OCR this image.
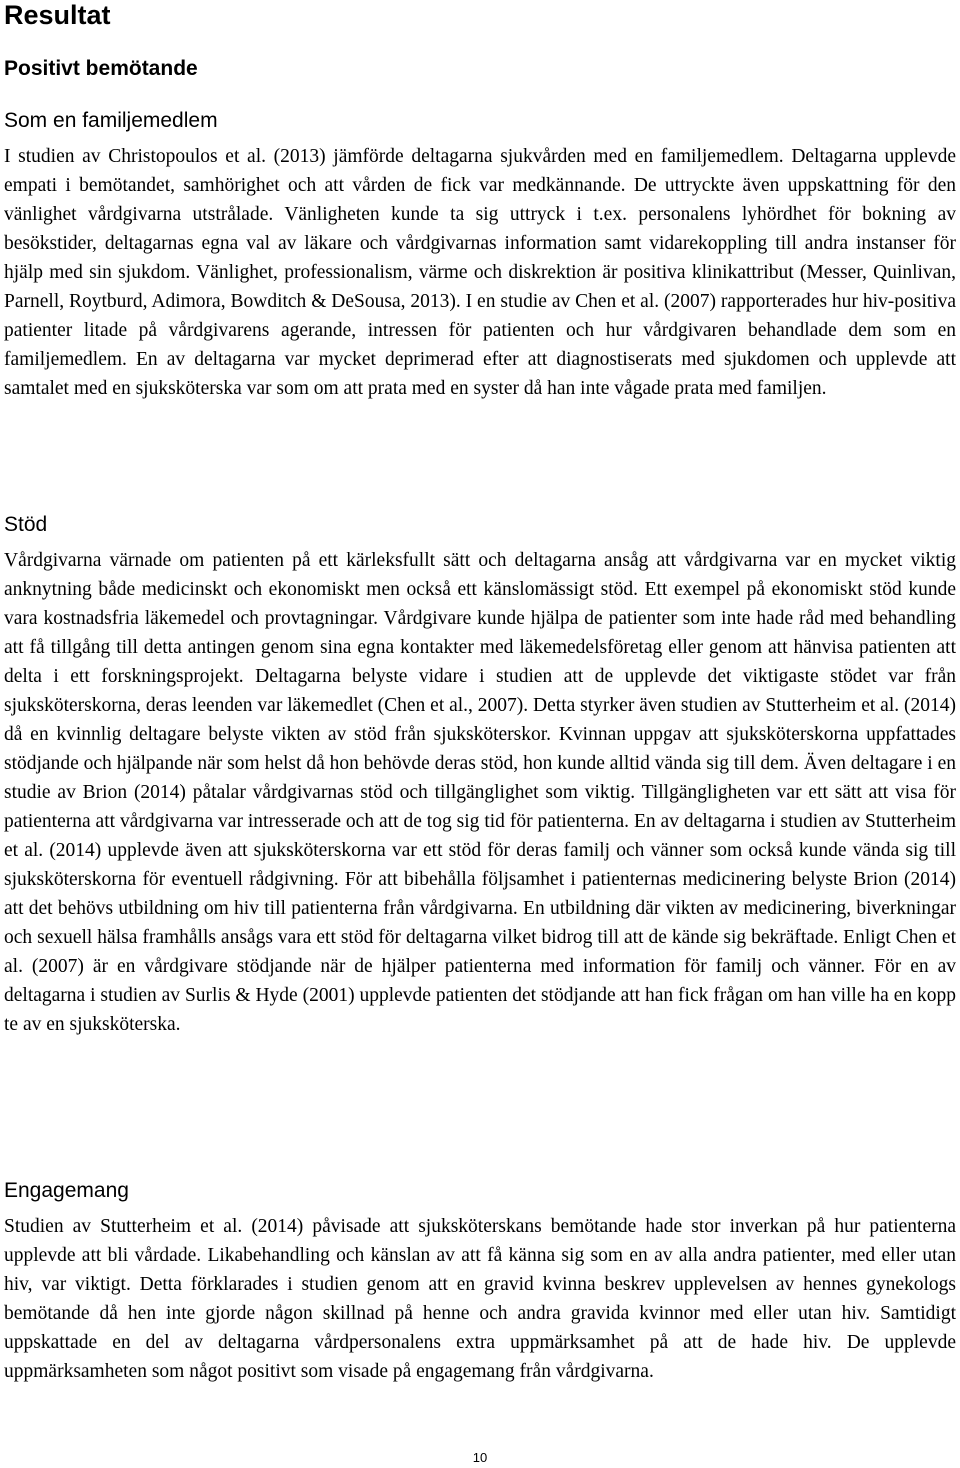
Resultat
Positivt bemötande
Som en familjemedlem

I studien av Christopoulos et al. (2013) jämförde deltagarna sjukvården med en familjemedlem. Deltagarna upplevde empati i bemötandet, samhörighet och att vården de fick var medkännande. De uttryckte även uppskattning för den vänlighet vårdgivarna utstrålade. Vänligheten kunde ta sig uttryck i t.ex. personalens lyhördhet för bokning av besökstider, deltagarnas egna val av läkare och vårdgivarnas information samt vidarekoppling till andra instanser för hjälp med sin sjukdom. Vänlighet, professionalism, värme och diskrektion är positiva klinikattribut (Messer, Quinlivan, Parnell, Roytburd, Adimora, Bowditch & DeSousa, 2013). I en studie av Chen et al. (2007) rapporterades hur hiv-positiva patienter litade på vårdgivarens agerande, intressen för patienten och hur vårdgivaren behandlade dem som en familjemedlem. En av deltagarna var mycket deprimerad efter att diagnostiserats med sjukdomen och upplevde att samtalet med en sjuksköterska var som om att prata med en syster då han inte vågade prata med familjen.

Stöd

Vårdgivarna värnade om patienten på ett kärleksfullt sätt och deltagarna ansåg att vårdgivarna var en mycket viktig anknytning både medicinskt och ekonomiskt men också ett känslomässigt stöd. Ett exempel på ekonomiskt stöd kunde vara kostnadsfria läkemedel och provtagningar. Vårdgivare kunde hjälpa de patienter som inte hade råd med behandling att få tillgång till detta antingen genom sina egna kontakter med läkemedelsföretag eller genom att hänvisa patienten att delta i ett forskningsprojekt. Deltagarna belyste vidare i studien att de upplevde det viktigaste stödet var från sjuksköterskorna, deras leenden var läkemedlet (Chen et al., 2007). Detta styrker även studien av Stutterheim et al. (2014) då en kvinnlig deltagare belyste vikten av stöd från sjuksköterskor. Kvinnan uppgav att sjuksköterskorna uppfattades stödjande och hjälpande när som helst då hon behövde deras stöd, hon kunde alltid vända sig till dem. Även deltagare i en studie av Brion (2014) påtalar vårdgivarnas stöd och tillgänglighet som viktig. Tillgängligheten var ett sätt att visa för patienterna att vårdgivarna var intresserade och att de tog sig tid för patienterna. En av deltagarna i studien av Stutterheim et al. (2014) upplevde även att sjuksköterskorna var ett stöd för deras familj och vänner som också kunde vända sig till sjuksköterskorna för eventuell rådgivning. För att bibehålla följsamhet i patienternas medicinering belyste Brion (2014) att det behövs utbildning om hiv till patienterna från vårdgivarna. En utbildning där vikten av medicinering, biverkningar och sexuell hälsa framhålls ansågs vara ett stöd för deltagarna vilket bidrog till att de kände sig bekräftade. Enligt Chen et al. (2007) är en vårdgivare stödjande när de hjälper patienterna med information för familj och vänner. För en av deltagarna i studien av Surlis & Hyde (2001) upplevde patienten det stödjande att han fick frågan om han ville ha en kopp te av en sjuksköterska.

Engagemang

Studien av Stutterheim et al. (2014) påvisade att sjuksköterskans bemötande hade stor inverkan på hur patienterna upplevde att bli vårdade. Likabehandling och känslan av att få känna sig som en av alla andra patienter, med eller utan hiv, var viktigt. Detta förklarades i studien genom att en gravid kvinna beskrev upplevelsen av hennes gynekologs bemötande då hen inte gjorde någon skillnad på henne och andra gravida kvinnor med eller utan hiv. Samtidigt uppskattade en del av deltagarna vårdpersonalens extra uppmärksamhet på att de hade hiv. De upplevde uppmärksamheten som något positivt som visade på engagemang från vårdgivarna.

10
